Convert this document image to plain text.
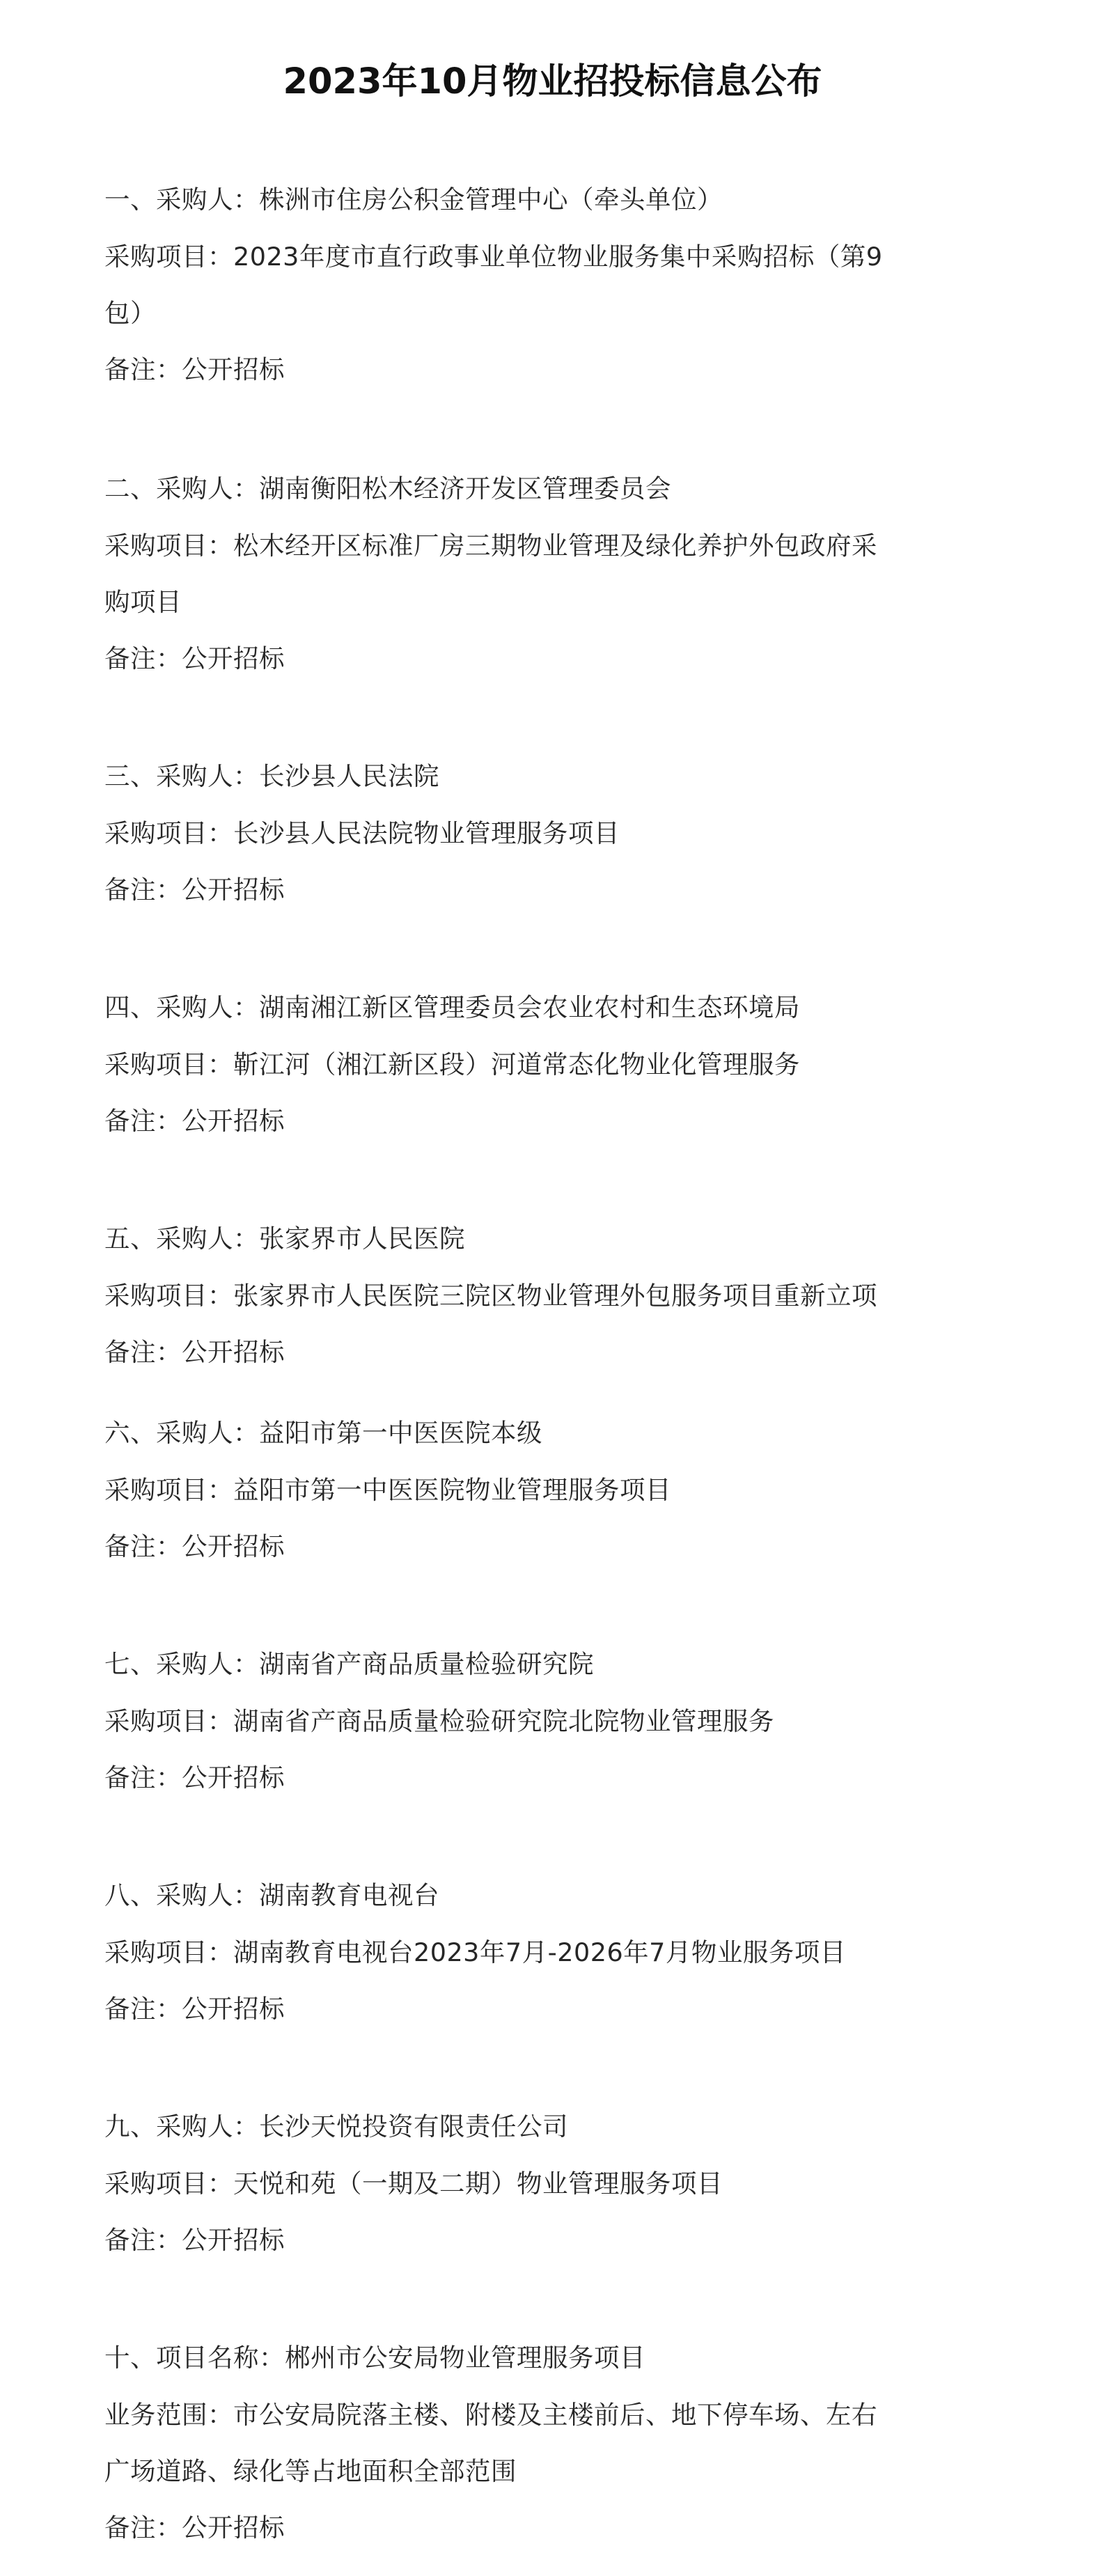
2023年10月物业招投标信息公布
一、采购人：株洲市住房公积金管理中心（牵头单位）
采购项目：2023年度市直行政事业单位物业服务集中采购招标（第9
包）
备注：公开招标
二、采购人：湖南衡阳松木经济开发区管理委员会
采购项目：松木经开区标准厂房三期物业管理及绿化养护外包政府采
购项目
备注：公开招标
三、采购人：长沙县人民法院
采购项目：长沙县人民法院物业管理服务项目
备注：公开招标
四、采购人：湖南湘江新区管理委员会农业农村和生态环境局
采购项目：靳江河（湘江新区段）河道常态化物业化管理服务
备注：公开招标
五、采购人：张家界市人民医院
采购项目：张家界市人民医院三院区物业管理外包服务项目重新立项
备注：公开招标
六、采购人：益阳市第一中医医院本级
采购项目：益阳市第一中医医院物业管理服务项目
备注：公开招标
七、采购人：湖南省产商品质量检验研究院
采购项目：湖南省产商品质量检验研究院北院物业管理服务
备注：公开招标
八、采购人：湖南教育电视台
采购项目：湖南教育电视台2023年7月-2026年7月物业服务项目
备注：公开招标
九、采购人：长沙天悦投资有限责任公司
采购项目：天悦和苑（一期及二期）物业管理服务项目
备注：公开招标
十、项目名称：郴州市公安局物业管理服务项目
业务范围：市公安局院落主楼、附楼及主楼前后、地下停车场、左右
广场道路、绿化等占地面积全部范围
备注：公开招标
